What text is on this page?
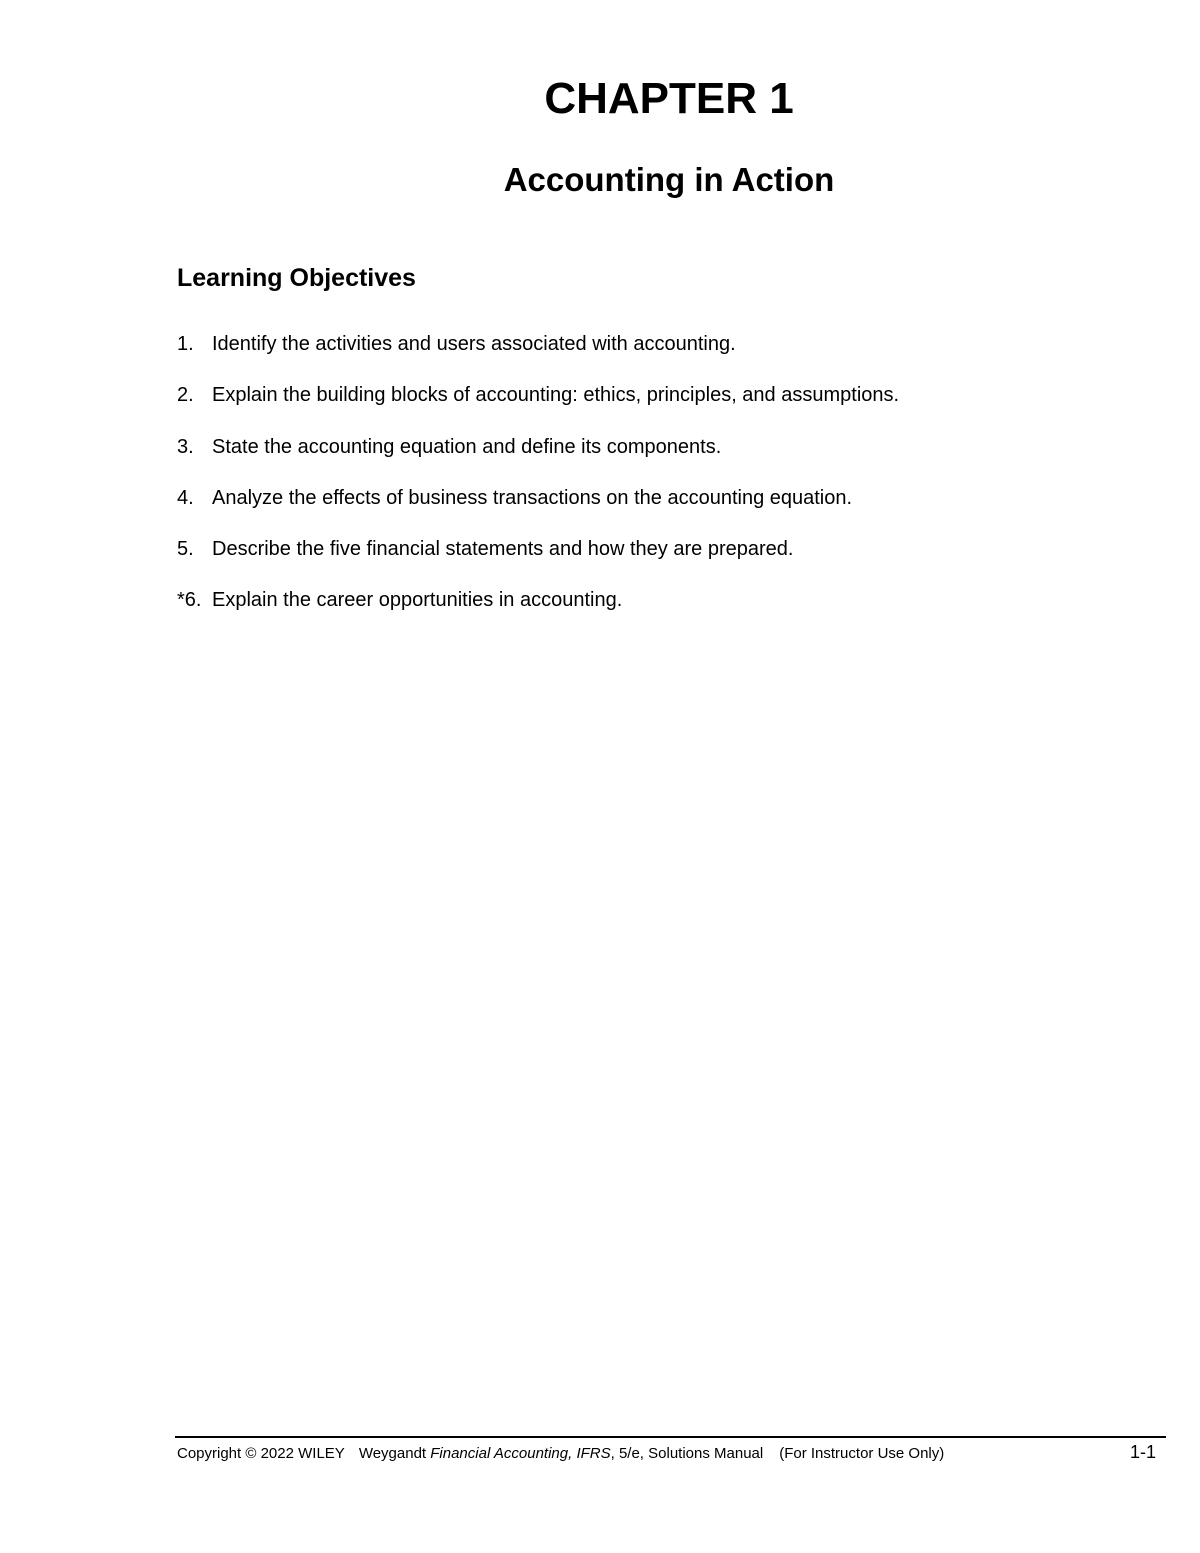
CHAPTER 1
Accounting in Action
Learning Objectives
1. Identify the activities and users associated with accounting.
2. Explain the building blocks of accounting: ethics, principles, and assumptions.
3. State the accounting equation and define its components.
4. Analyze the effects of business transactions on the accounting equation.
5. Describe the five financial statements and how they are prepared.
*6. Explain the career opportunities in accounting.
Copyright © 2022 WILEY Weygandt Financial Accounting, IFRS, 5/e, Solutions Manual (For Instructor Use Only)	1-1
